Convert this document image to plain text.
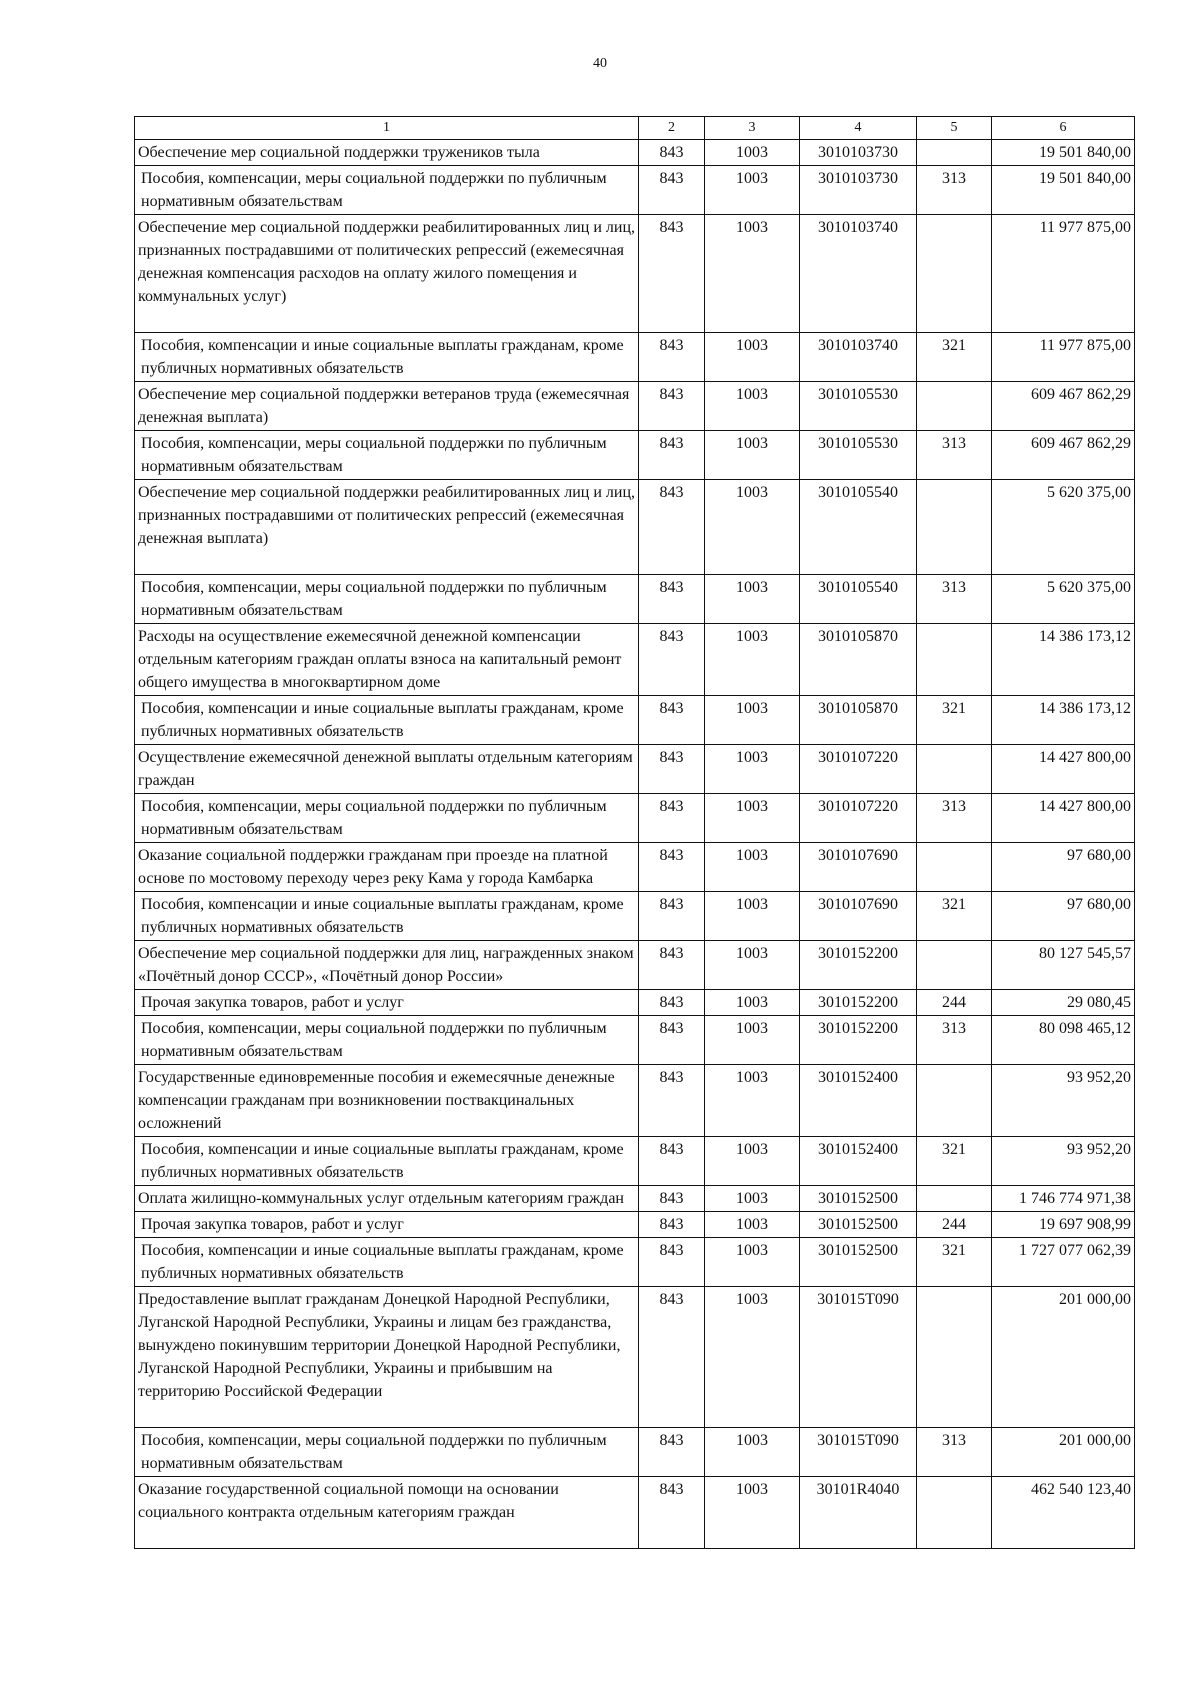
40
1	2	3	4	5	6
Обеспечение мер социальной поддержки тружеников тыла	843	1003	3010103730		19 501 840,00
Пособия, компенсации, меры социальной поддержки по публичным нормативным обязательствам	843	1003	3010103730	313	19 501 840,00
Обеспечение мер социальной поддержки реабилитированных лиц и лиц, признанных пострадавшими от политических репрессий (ежемесячная денежная компенсация расходов на оплату жилого помещения и коммунальных услуг)	843	1003	3010103740		11 977 875,00
Пособия, компенсации и иные социальные выплаты гражданам, кроме публичных нормативных обязательств	843	1003	3010103740	321	11 977 875,00
Обеспечение мер социальной поддержки ветеранов труда (ежемесячная денежная выплата)	843	1003	3010105530		609 467 862,29
Пособия, компенсации, меры социальной поддержки по публичным нормативным обязательствам	843	1003	3010105530	313	609 467 862,29
Обеспечение мер социальной поддержки реабилитированных лиц и лиц, признанных пострадавшими от политических репрессий (ежемесячная денежная выплата)	843	1003	3010105540		5 620 375,00
Пособия, компенсации, меры социальной поддержки по публичным нормативным обязательствам	843	1003	3010105540	313	5 620 375,00
Расходы на осуществление ежемесячной денежной компенсации отдельным категориям граждан оплаты взноса на капитальный ремонт общего имущества в многоквартирном доме	843	1003	3010105870		14 386 173,12
Пособия, компенсации и иные социальные выплаты гражданам, кроме публичных нормативных обязательств	843	1003	3010105870	321	14 386 173,12
Осуществление ежемесячной денежной выплаты отдельным категориям граждан	843	1003	3010107220		14 427 800,00
Пособия, компенсации, меры социальной поддержки по публичным нормативным обязательствам	843	1003	3010107220	313	14 427 800,00
Оказание социальной поддержки гражданам при проезде на платной основе по мостовому переходу через реку Кама у города Камбарка	843	1003	3010107690		97 680,00
Пособия, компенсации и иные социальные выплаты гражданам, кроме публичных нормативных обязательств	843	1003	3010107690	321	97 680,00
Обеспечение мер социальной поддержки для лиц, награжденных знаком «Почётный донор СССР», «Почётный донор России»	843	1003	3010152200		80 127 545,57
Прочая закупка товаров, работ и услуг	843	1003	3010152200	244	29 080,45
Пособия, компенсации, меры социальной поддержки по публичным нормативным обязательствам	843	1003	3010152200	313	80 098 465,12
Государственные единовременные пособия и ежемесячные денежные компенсации гражданам при возникновении поствакцинальных осложнений	843	1003	3010152400		93 952,20
Пособия, компенсации и иные социальные выплаты гражданам, кроме публичных нормативных обязательств	843	1003	3010152400	321	93 952,20
Оплата жилищно-коммунальных услуг отдельным категориям граждан	843	1003	3010152500		1 746 774 971,38
Прочая закупка товаров, работ и услуг	843	1003	3010152500	244	19 697 908,99
Пособия, компенсации и иные социальные выплаты гражданам, кроме публичных нормативных обязательств	843	1003	3010152500	321	1 727 077 062,39
Предоставление выплат гражданам Донецкой Народной Республики, Луганской Народной Республики, Украины и лицам без гражданства, вынуждено покинувшим территории Донецкой Народной Республики, Луганской Народной Республики, Украины и прибывшим на территорию Российской Федерации	843	1003	301015Т090		201 000,00
Пособия, компенсации, меры социальной поддержки по публичным нормативным обязательствам	843	1003	301015Т090	313	201 000,00
Оказание государственной социальной помощи на основании социального контракта отдельным категориям граждан	843	1003	30101R4040		462 540 123,40
